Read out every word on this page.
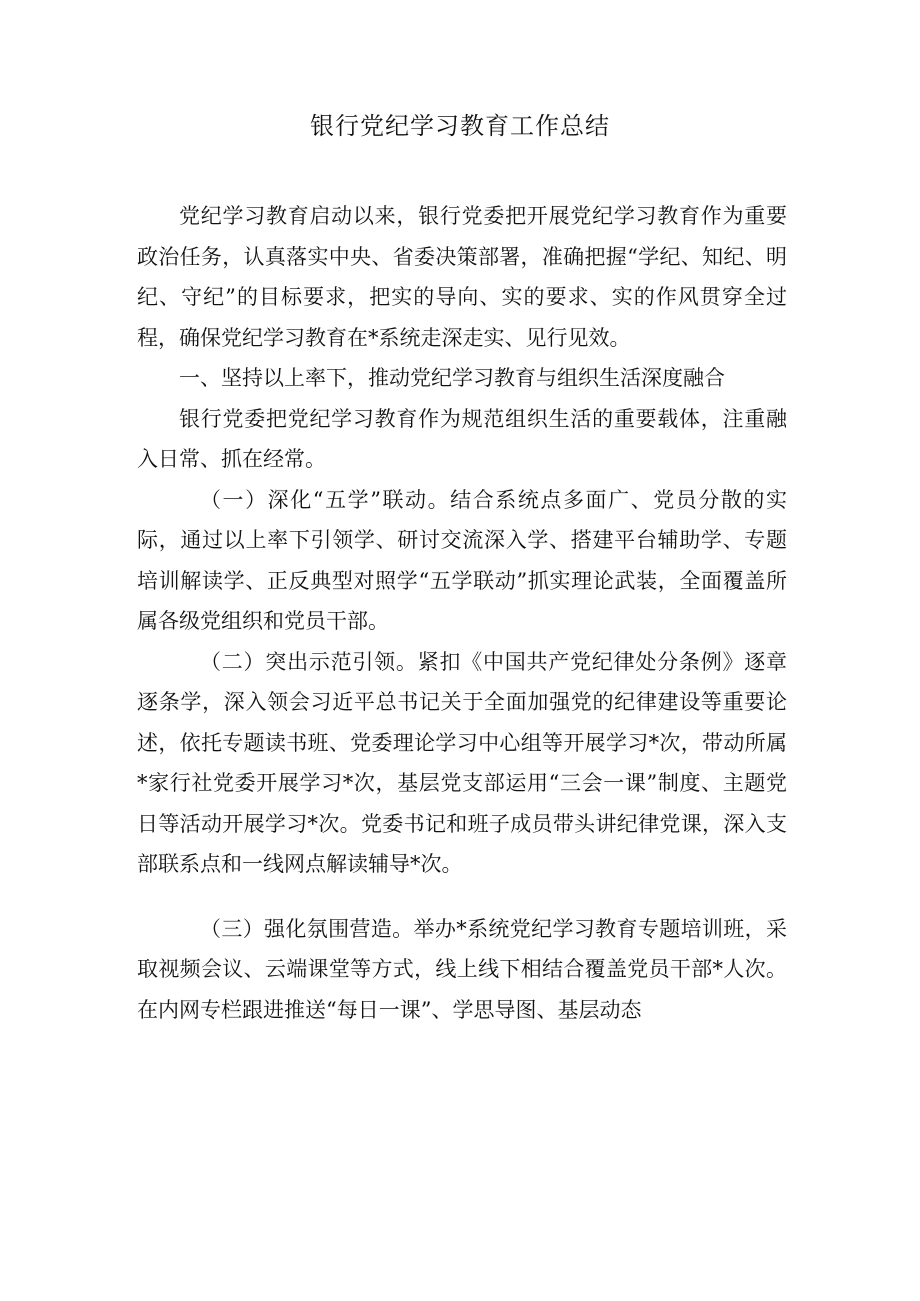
银行党纪学习教育工作总结

党纪学习教育启动以来，银行党委把开展党纪学习教育作为重要政治任务，认真落实中央、省委决策部署，准确把握“学纪、知纪、明纪、守纪”的目标要求，把实的导向、实的要求、实的作风贯穿全过程，确保党纪学习教育在*系统走深走实、见行见效。

一、坚持以上率下，推动党纪学习教育与组织生活深度融合

银行党委把党纪学习教育作为规范组织生活的重要载体，注重融入日常、抓在经常。

（一）深化“五学”联动。结合系统点多面广、党员分散的实际，通过以上率下引领学、研讨交流深入学、搭建平台辅助学、专题培训解读学、正反典型对照学“五学联动”抓实理论武装，全面覆盖所属各级党组织和党员干部。

（二）突出示范引领。紧扣《中国共产党纪律处分条例》逐章逐条学，深入领会习近平总书记关于全面加强党的纪律建设等重要论述，依托专题读书班、党委理论学习中心组等开展学习*次，带动所属*家行社党委开展学习*次，基层党支部运用“三会一课”制度、主题党日等活动开展学习*次。党委书记和班子成员带头讲纪律党课，深入支部联系点和一线网点解读辅导*次。

（三）强化氛围营造。举办*系统党纪学习教育专题培训班，采取视频会议、云端课堂等方式，线上线下相结合覆盖党员干部*人次。在内网专栏跟进推送“每日一课”、学思导图、基层动态
